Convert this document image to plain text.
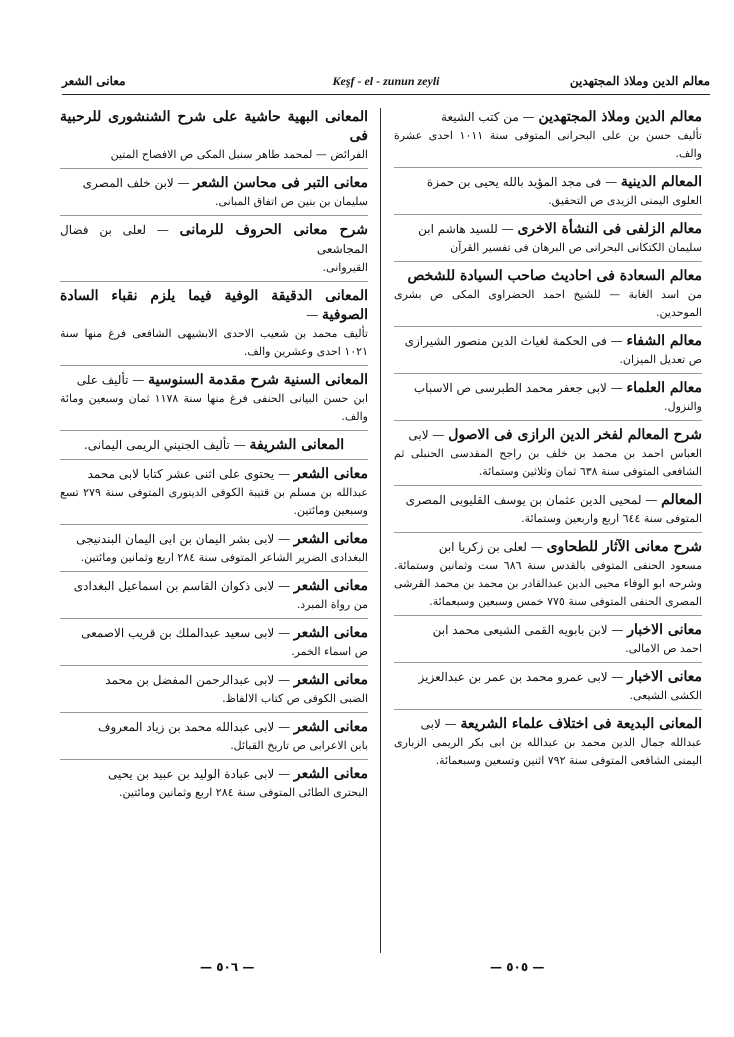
معانى الشعر	Keşf - el - zunun zeyli	معالم الدين وملاذ المجتهدين
معالم الدين وملاذ المجتهدين — من كتب الشيعة
تأليف حسن بن على البحرانى المتوفى سنة ١٠١١ احدى عشرة والف.
المعالم الدينية — فى مجد المؤيد بالله يحيى بن حمزة
العلوى اليمنى الزيدى ص التحقيق.
معالم الزلفى فى النشأة الاخرى — للسيد هاشم ابن
سليمان الكتكانى البحرانى ص البرهان فى تفسير القرآن
معالم السعادة فى احاديث صاحب السيادة للشخص
من اسد الغابة — للشيخ احمد الحضراوى المكى ص بشرى الموحدين.
معالم الشفاء — فى الحكمة لغياث الدين منصور الشيرازى
ص تعديل الميزان.
معالم العلماء — لابى جعفر محمد الطبرسى ص الاسباب
والنزول.
شرح المعالم لفخر الدين الرازى فى الاصول — لابى
العباس احمد بن محمد بن خلف بن راجح المقدسى الحنبلى ثم الشافعى المتوفى سنة ٦٣٨ ثمان وثلاثين وستمائة.
المعالم — لمحيى الدين عثمان بن يوسف القليوبى المصرى
المتوفى سنة ٦٤٤ اربع واربعين وستمائة.
شرح معانى الآثار للطحاوى — لعلى بن زكريا ابن
مسعود الحنفى المتوفى بالقدس سنة ٦٨٦ ست وثمانين وستمائة. وشرحه ابو الوفاء محيى الدين عبدالقادر بن محمد بن محمد القرشى المصرى الحنفى المتوفى سنة ٧٧٥ خمس وسبعين وسبعمائة.
معانى الاخبار — لابن بابويه القمى الشيعى محمد ابن
احمد ص الامالى.
معانى الاخبار — لابى عمرو محمد بن عمر بن عبدالعزيز
الكشى الشيعى.
المعانى البديعة فى اختلاف علماء الشريعة — لابى
عبدالله جمال الدين محمد بن عبدالله بن ابى بكر الريمى الزبارى اليمنى الشافعى المتوفى سنة ٧٩٢ اثنين وتسعين وسبعمائة.
المعانى البهية حاشية على شرح الشنشورى للرحبية فى
الفرائض — لمحمد طاهر سنبل المكى ص الافصاح المتين
معانى التبر فى محاسن الشعر — لابن خلف المصرى
سليمان بن بنين ص اتفاق المبانى.
شرح معانى الحروف للرمانى — لعلى بن فضال المجاشعى
القيروانى.
المعانى الدقيقة الوفية فيما يلزم نقباء السادة الصوفية —
تأليف محمد بن شعيب الاحدى الابشيهى الشافعى فرغ منها سنة ١٠٢١ احدى وعشرين والف.
المعانى السنية شرح مقدمة السنوسية — تأليف على
ابن حسن البيانى الحنفى فرغ منها سنة ١١٧٨ ثمان وسبعين ومائة والف.
المعانى الشريفة — تأليف الجنيني الريمى اليمانى.
معانى الشعر — يحتوى على اثنى عشر كتابا لابى محمد
عبدالله بن مسلم بن قتيبة الكوفى الدينورى المتوفى سنة ٢٧٩ تسع وسبعين ومائتين.
معانى الشعر — لابى بشر اليمان بن ابى اليمان البندنيجى
البغدادى الضرير الشاعر المتوفى سنة ٢٨٤ اربع وثمانين ومائتين.
معانى الشعر — لابى ذكوان القاسم بن اسماعيل البغدادى
من رواة المبرد.
معانى الشعر — لابى سعيد عبدالملك بن قريب الاصمعى
ص اسماء الخمر.
معانى الشعر — لابى عبدالرحمن المفضل بن محمد
الضبى الكوفى ص كتاب الالفاظ.
معانى الشعر — لابى عبدالله محمد بن زياد المعروف
بابن الاعرابى ص تاريخ القبائل.
معانى الشعر — لابى عبادة الوليد بن عبيد بن يحيى
البحترى الطائى المتوفى سنة ٢٨٤ اربع وثمانين ومائتين.
— ٥٠٦ —	— ٥٠٥ —
